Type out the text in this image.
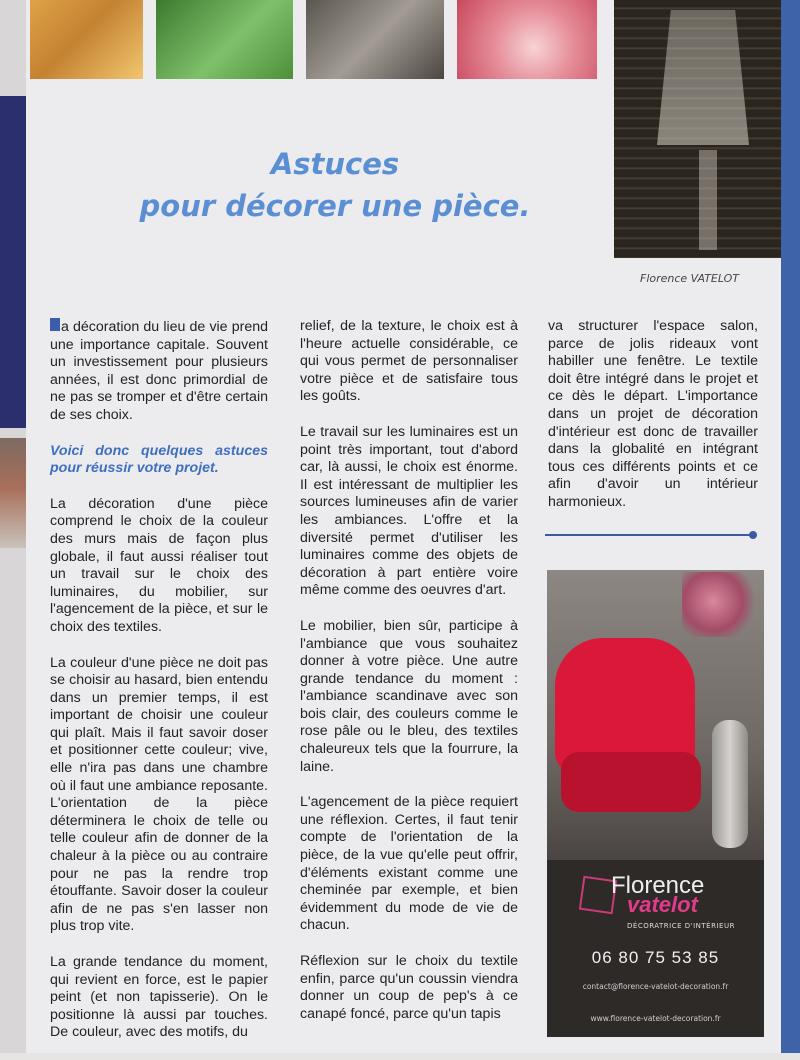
Florence VATELOT
Astuces
pour décorer une pièce.

a décoration du lieu de vie prend une importance capitale. Souvent un investissement pour plusieurs années, il est donc primordial de ne pas se tromper et d'être certain de ses choix.

Voici donc quelques astuces pour réussir votre projet.

La décoration d'une pièce comprend le choix de la couleur des murs mais de façon plus globale, il faut aussi réaliser tout un travail sur le choix des luminaires, du mobilier, sur l'agencement de la pièce, et sur le choix des textiles.

La couleur d'une pièce ne doit pas se choisir au hasard, bien entendu dans un premier temps, il est important de choisir une couleur qui plaît. Mais il faut savoir doser et positionner cette couleur; vive, elle n'ira pas dans une chambre où il faut une ambiance reposante. L'orientation de la pièce déterminera le choix de telle ou telle couleur afin de donner de la chaleur à la pièce ou au contraire pour ne pas la rendre trop étouffante. Savoir doser la couleur afin de ne pas s'en lasser non plus trop vite.

La grande tendance du moment, qui revient en force, est le papier peint (et non tapisserie). On le positionne là aussi par touches. De couleur, avec des motifs, du

relief, de la texture, le choix est à l'heure actuelle considérable, ce qui vous permet de personnaliser votre pièce et de satisfaire tous les goûts.

Le travail sur les luminaires est un point très important, tout d'abord car, là aussi, le choix est énorme. Il est intéressant de multiplier les sources lumineuses afin de varier les ambiances. L'offre et la diversité permet d'utiliser les luminaires comme des objets de décoration à part entière voire même comme des oeuvres d'art.

Le mobilier, bien sûr, participe à l'ambiance que vous souhaitez donner à votre pièce. Une autre grande tendance du moment : l'ambiance scandinave avec son bois clair, des couleurs comme le rose pâle ou le bleu, des textiles chaleureux tels que la fourrure, la laine.

L'agencement de la pièce requiert une réflexion. Certes, il faut tenir compte de l'orientation de la pièce, de la vue qu'elle peut offrir, d'éléments existant comme une cheminée par exemple, et bien évidemment du mode de vie de chacun.

Réflexion sur le choix du textile enfin, parce qu'un coussin viendra donner un coup de pep's à ce canapé foncé, parce qu'un tapis

va structurer l'espace salon, parce de jolis rideaux vont habiller une fenêtre. Le textile doit être intégré dans le projet et ce dès le départ. L'importance dans un projet de décoration d'intérieur est donc de travailler dans la globalité en intégrant tous ces différents points et ce afin d'avoir un intérieur harmonieux.

Florence
vatelot
DÉCORATRICE D'INTÉRIEUR
06 80 75 53 85
contact@florence-vatelot-decoration.fr
www.florence-vatelot-decoration.fr
